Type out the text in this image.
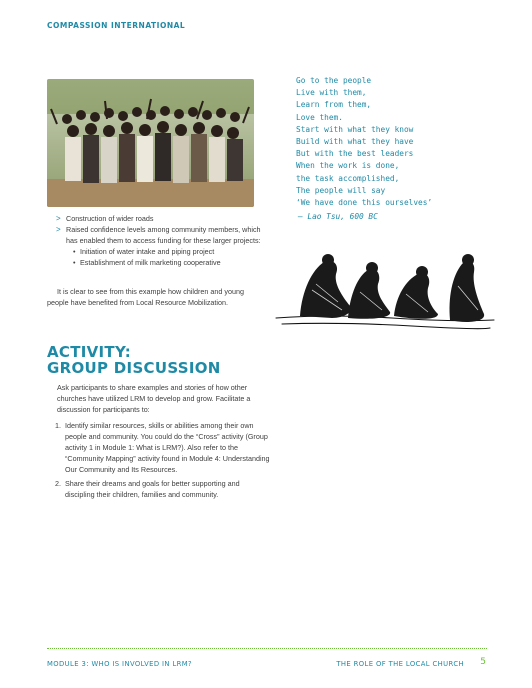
COMPASSION INTERNATIONAL
> Construction of wider roads
> Raised confidence levels among community members, which has enabled them to access funding for these larger projects:
• Initiation of water intake and piping project
• Establishment of milk marketing cooperative
It is clear to see from this example how children and young people have benefited from Local Resource Mobilization.
ACTIVITY:
GROUP DISCUSSION
Ask participants to share examples and stories of how other churches have utilized LRM to develop and grow. Facilitate a discussion for participants to:
1. Identify similar resources, skills or abilities among their own people and community. You could do the “Cross” activity (Group activity 1 in Module 1: What is LRM?). Also refer to the “Community Mapping” activity found in Module 4: Understanding Our Community and Its Resources.
2. Share their dreams and goals for better supporting and discipling their children, families and community.
Go to the people
Live with them,
Learn from them,
Love them.
Start with what they know
Build with what they have
But with the best leaders
When the work is done,
the task accomplished,
The people will say
‘We have done this ourselves’
— Lao Tsu, 600 BC
MODULE 3: WHO IS INVOLVED IN LRM?	THE ROLE OF THE LOCAL CHURCH 5
